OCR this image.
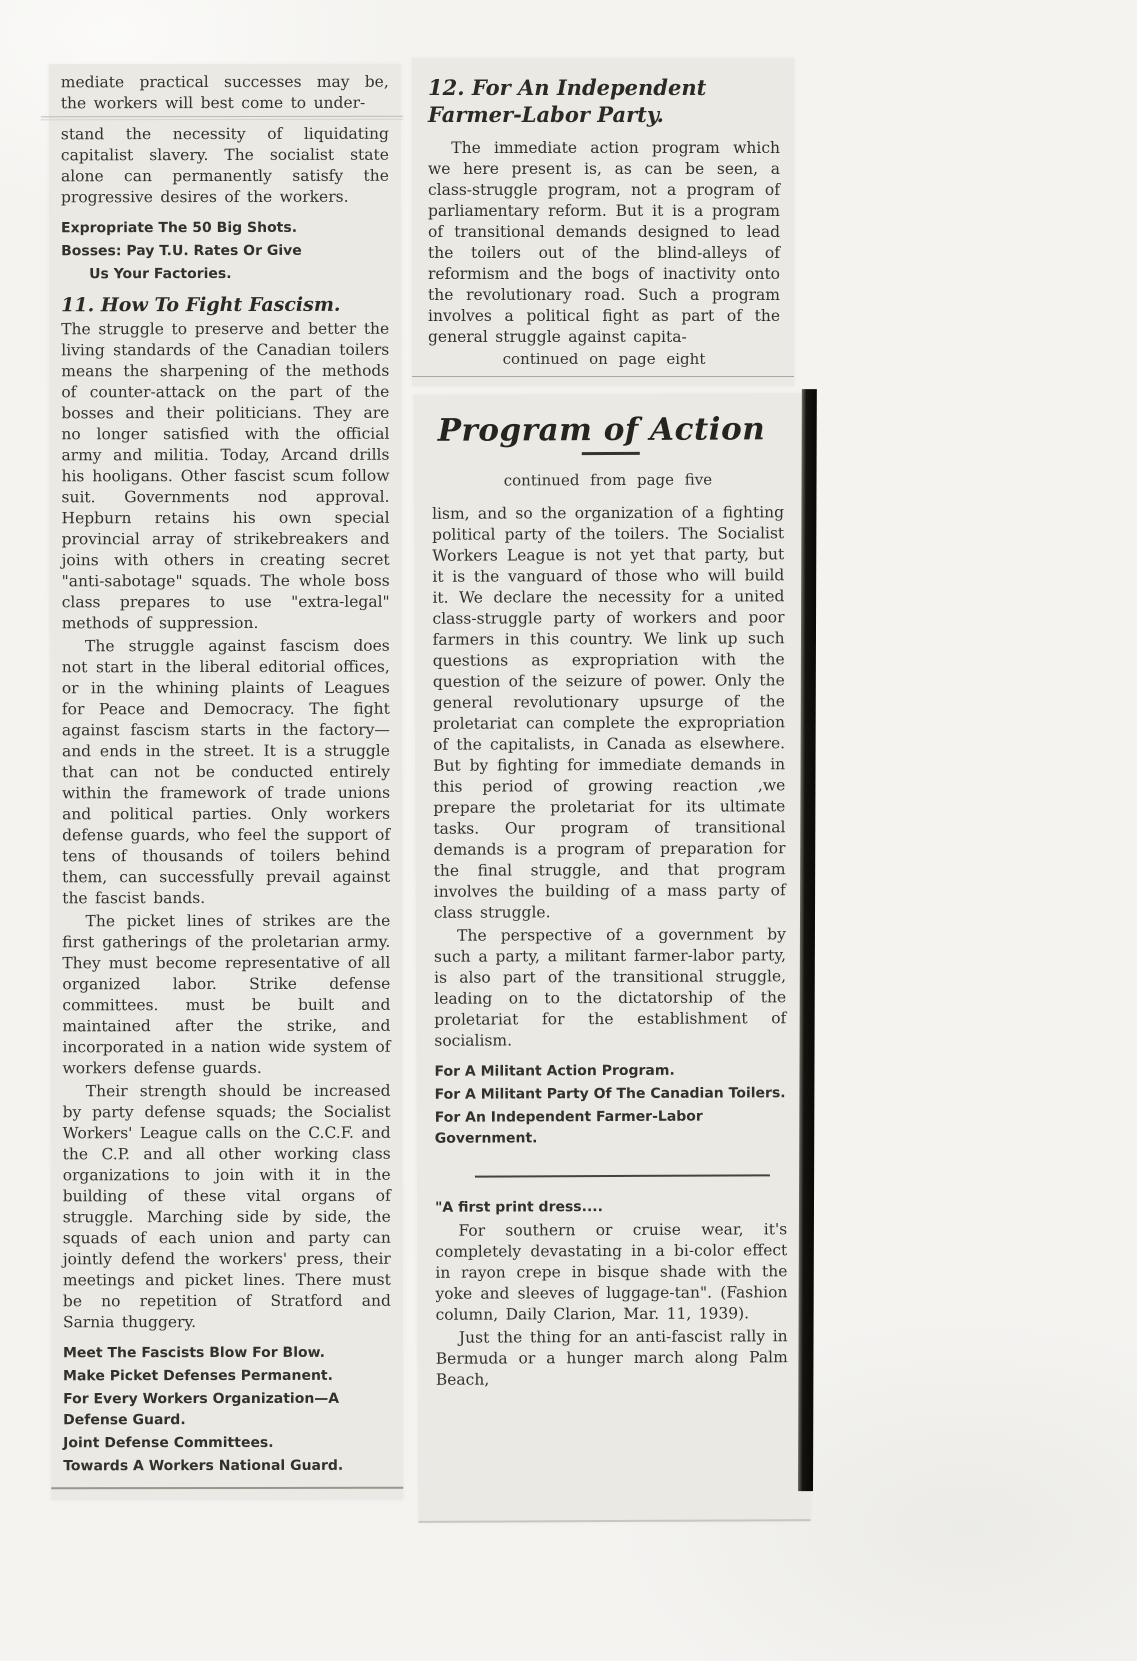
mediate practical successes may be, the workers will best come to under-

stand the necessity of liquidating capitalist slavery. The socialist state alone can permanently satisfy the progressive desires of the workers.

Expropriate The 50 Big Shots.
Bosses: Pay T.U. Rates Or Give
Us Your Factories.
11. How To Fight Fascism.

The struggle to preserve and better the living standards of the Canadian toilers means the sharpening of the methods of counter-attack on the part of the bosses and their politicians. They are no longer satisfied with the official army and militia. Today, Arcand drills his hooligans. Other fascist scum follow suit. Governments nod approval. Hepburn retains his own special provincial array of strikebreakers and joins with others in creating secret "anti-sabotage" squads. The whole boss class prepares to use "extra-legal" methods of suppression.

The struggle against fascism does not start in the liberal editorial offices, or in the whining plaints of Leagues for Peace and Democracy. The fight against fascism starts in the factory—and ends in the street. It is a struggle that can not be conducted entirely within the framework of trade unions and political parties. Only workers defense guards, who feel the support of tens of thousands of toilers behind them, can successfully prevail against the fascist bands.

The picket lines of strikes are the first gatherings of the proletarian army. They must become representative of all organized labor. Strike defense committees. must be built and maintained after the strike, and incorporated in a nation wide system of workers defense guards.

Their strength should be increased by party defense squads; the Socialist Workers' League calls on the C.C.F. and the C.P. and all other working class organizations to join with it in the building of these vital organs of struggle. Marching side by side, the squads of each union and party can jointly defend the workers' press, their meetings and picket lines. There must be no repetition of Stratford and Sarnia thuggery.

Meet The Fascists Blow For Blow.
Make Picket Defenses Permanent.
For Every Workers Organization—A Defense Guard.
Joint Defense Committees.
Towards A Workers National Guard.
12. For An Independent Farmer-Labor Party.

The immediate action program which we here present is, as can be seen, a class-struggle program, not a program of parliamentary reform. But it is a program of transitional demands designed to lead the toilers out of the blind-alleys of reformism and the bogs of inactivity onto the revolutionary road. Such a program involves a political fight as part of the general struggle against capita-

continued on page eight
Program of Action
continued from page five

lism, and so the organization of a fighting political party of the toilers. The Socialist Workers League is not yet that party, but it is the vanguard of those who will build it. We declare the necessity for a united class-struggle party of workers and poor farmers in this country. We link up such questions as expropriation with the question of the seizure of power. Only the general revolutionary upsurge of the proletariat can complete the expropriation of the capitalists, in Canada as elsewhere. But by fighting for immediate demands in this period of growing reaction ,we prepare the proletariat for its ultimate tasks. Our program of transitional demands is a program of preparation for the final struggle, and that program involves the building of a mass party of class struggle.

The perspective of a government by such a party, a militant farmer-labor party, is also part of the transitional struggle, leading on to the dictatorship of the proletariat for the establishment of socialism.

For A Militant Action Program.
For A Militant Party Of The Canadian Toilers.
For An Independent Farmer-Labor Government.
"A first print dress....

For southern or cruise wear, it's completely devastating in a bi-color effect in rayon crepe in bisque shade with the yoke and sleeves of luggage-tan". (Fashion column, Daily Clarion, Mar. 11, 1939).

Just the thing for an anti-fascist rally in Bermuda or a hunger march along Palm Beach,
